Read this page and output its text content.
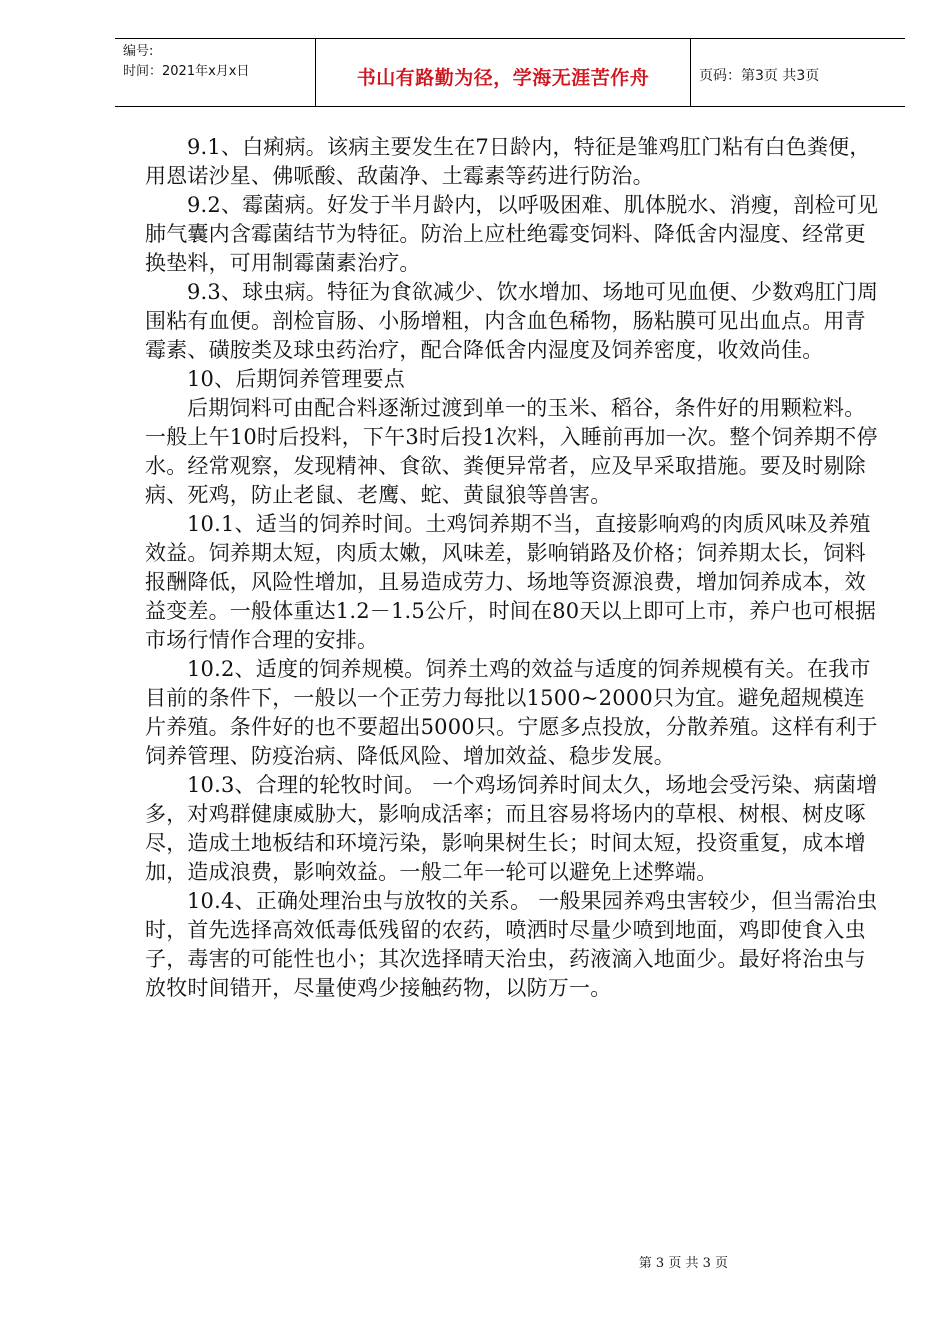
编号:
时间：2021年x月x日	书山有路勤为径，学海无涯苦作舟	页码：第3页 共3页

9.1、白痢病。该病主要发生在7日龄内，特征是雏鸡肛门粘有白色粪便，用恩诺沙星、佛哌酸、敌菌净、土霉素等药进行防治。

9.2、霉菌病。好发于半月龄内，以呼吸困难、肌体脱水、消瘦，剖检可见肺气囊内含霉菌结节为特征。防治上应杜绝霉变饲料、降低舍内湿度、经常更换垫料，可用制霉菌素治疗。

9.3、球虫病。特征为食欲减少、饮水增加、场地可见血便、少数鸡肛门周围粘有血便。剖检盲肠、小肠增粗，内含血色稀物，肠粘膜可见出血点。用青霉素、磺胺类及球虫药治疗，配合降低舍内湿度及饲养密度，收效尚佳。

10、后期饲养管理要点

后期饲料可由配合料逐渐过渡到单一的玉米、稻谷，条件好的用颗粒料。一般上午10时后投料，下午3时后投1次料，入睡前再加一次。整个饲养期不停水。经常观察，发现精神、食欲、粪便异常者，应及早采取措施。要及时剔除病、死鸡，防止老鼠、老鹰、蛇、黄鼠狼等兽害。

10.1、适当的饲养时间。土鸡饲养期不当，直接影响鸡的肉质风味及养殖效益。饲养期太短，肉质太嫩，风味差，影响销路及价格；饲养期太长，饲料报酬降低，风险性增加，且易造成劳力、场地等资源浪费，增加饲养成本，效益变差。一般体重达1.2－1.5公斤，时间在80天以上即可上市，养户也可根据市场行情作合理的安排。

10.2、适度的饲养规模。饲养土鸡的效益与适度的饲养规模有关。在我市目前的条件下，一般以一个正劳力每批以1500~2000只为宜。避免超规模连片养殖。条件好的也不要超出5000只。宁愿多点投放，分散养殖。这样有利于饲养管理、防疫治病、降低风险、增加效益、稳步发展。

10.3、合理的轮牧时间。 一个鸡场饲养时间太久，场地会受污染、病菌增多，对鸡群健康威胁大，影响成活率；而且容易将场内的草根、树根、树皮啄尽，造成土地板结和环境污染，影响果树生长；时间太短，投资重复，成本增加，造成浪费，影响效益。一般二年一轮可以避免上述弊端。

10.4、正确处理治虫与放牧的关系。 一般果园养鸡虫害较少，但当需治虫时，首先选择高效低毒低残留的农药，喷洒时尽量少喷到地面，鸡即使食入虫子，毒害的可能性也小；其次选择晴天治虫，药液滴入地面少。最好将治虫与放牧时间错开，尽量使鸡少接触药物，以防万一。

第 3 页 共 3 页
